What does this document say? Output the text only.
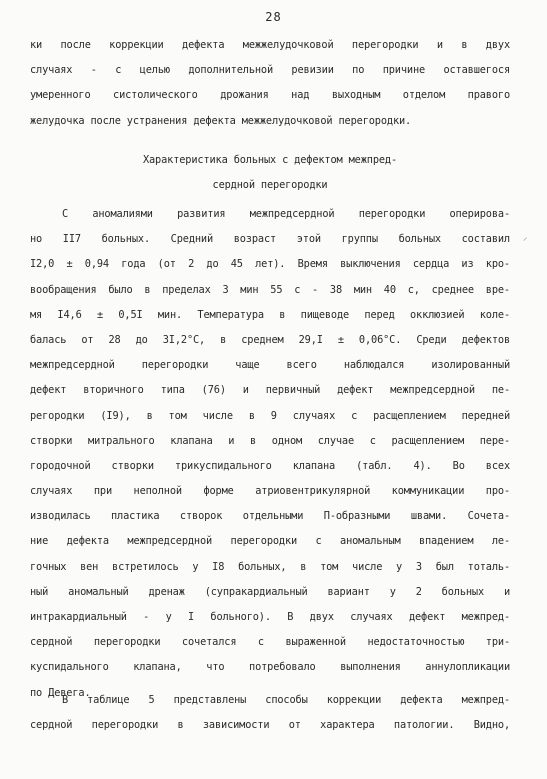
28
ки после коррекции дефекта межжелудочковой перегородки и в двух
случаях - с целью дополнительной ревизии по причине оставшегося
умеренного систолического дрожания над выходным отделом правого
желудочка после устранения дефекта межжелудочковой перегородки.
Характеристика больных с дефектом межпред-
сердной перегородки
С аномалиями развития межпредсердной перегородки оперирова-
но II7 больных. Средний возраст этой группы больных составил
I2,0 ± 0,94 года (от 2 до 45 лет). Время выключения сердца из кро-
вообращения было в пределах 3 мин 55 с - 38 мин 40 с, среднее вре-
мя I4,6 ± 0,5I мин. Температура в пищеводе перед окклюзией коле-
балась от 28 до 3I,2°С, в среднем 29,I ± 0,06°С. Среди дефектов
межпредсердной перегородки чаще всего наблюдался изолированный
дефект вторичного типа (76) и первичный дефект межпредсердной пе-
регородки (I9), в том числе в 9 случаях с расщеплением передней
створки митрального клапана и в одном случае с расщеплением пере-
городочной створки трикуспидального клапана (табл. 4). Во всех
случаях при неполной форме атриовентрикулярной коммуникации про-
изводилась пластика створок отдельными П-образными швами. Сочета-
ние дефекта межпредсердной перегородки с аномальным впадением ле-
гочных вен встретилось у I8 больных, в том числе у 3 был тоталь-
ный аномальный дренаж (супракардиальный вариант у 2 больных и
интракардиальный - у I больного). В двух случаях дефект межпред-
сердной перегородки сочетался с выраженной недостаточностью три-
куспидального клапана, что потребовало выполнения аннулопликации
по Девега.
В таблице 5 представлены способы коррекции дефекта межпред-
сердной перегородки в зависимости от характера патологии. Видно,
⸝
